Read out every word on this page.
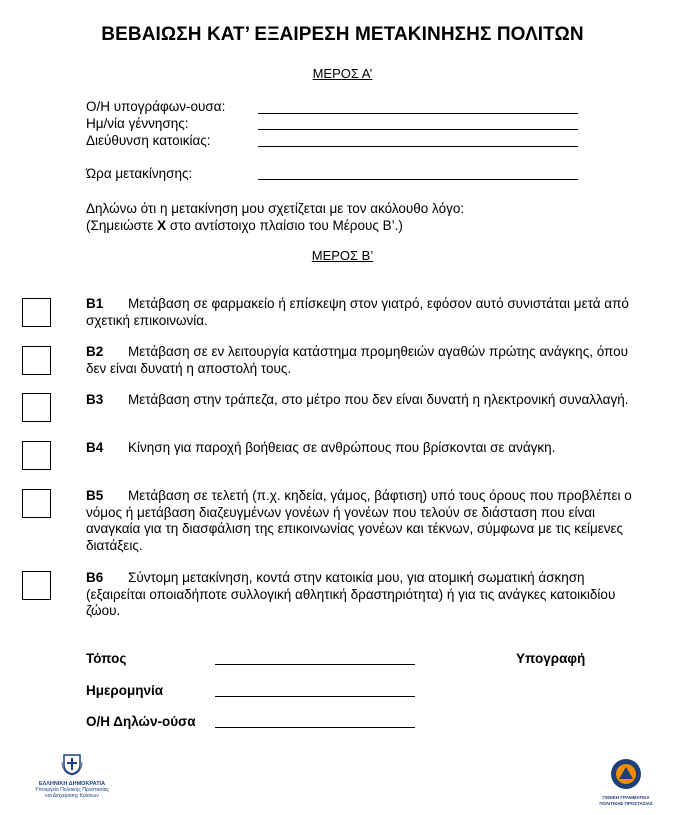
ΒΕΒΑΙΩΣΗ ΚΑΤ’ ΕΞΑΙΡΕΣΗ ΜΕΤΑΚΙΝΗΣΗΣ ΠΟΛΙΤΩΝ
ΜΕΡΟΣ Α’
Ο/Η υπογράφων-ουσα:
Ημ/νία γέννησης:
Διεύθυνση κατοικίας:
Ώρα μετακίνησης:
Δηλώνω ότι η μετακίνηση μου σχετίζεται με τον ακόλουθο λόγο:
(Σημειώστε Χ στο αντίστοιχο πλαίσιο του Μέρους Β’.)
ΜΕΡΟΣ Β’
Β1 Μετάβαση σε φαρμακείο ή επίσκεψη στον γιατρό, εφόσον αυτό συνιστάται μετά από σχετική επικοινωνία.
Β2 Μετάβαση σε εν λειτουργία κατάστημα προμηθειών αγαθών πρώτης ανάγκης, όπου δεν είναι δυνατή η αποστολή τους.
Β3 Μετάβαση στην τράπεζα, στο μέτρο που δεν είναι δυνατή η ηλεκτρονική συναλλαγή.
Β4 Κίνηση για παροχή βοήθειας σε ανθρώπους που βρίσκονται σε ανάγκη.
Β5 Μετάβαση σε τελετή (π.χ. κηδεία, γάμος, βάφτιση) υπό τους όρους που προβλέπει ο νόμος ή μετάβαση διαζευγμένων γονέων ή γονέων που τελούν σε διάσταση που είναι αναγκαία για τη διασφάλιση της επικοινωνίας γονέων και τέκνων, σύμφωνα με τις κείμενες διατάξεις.
Β6 Σύντομη μετακίνηση, κοντά στην κατοικία μου, για ατομική σωματική άσκηση (εξαιρείται οποιαδήποτε συλλογική αθλητική δραστηριότητα) ή για τις ανάγκες κατοικιδίου ζώου.
Τόπος
Ημερομηνία
Ο/Η Δηλών-ούσα
Υπογραφή
ΕΛΛΗΝΙΚΗ ΔΗΜΟΚΡΑΤΙΑ
Υπουργείο Πολιτικής Προστασίας
και Διαχείρισης Κρίσεων	ΓΕΝΙΚΗ ΓΡΑΜΜΑΤΕΙΑ
ΠΟΛΙΤΙΚΗΣ ΠΡΟΣΤΑΣΙΑΣ
